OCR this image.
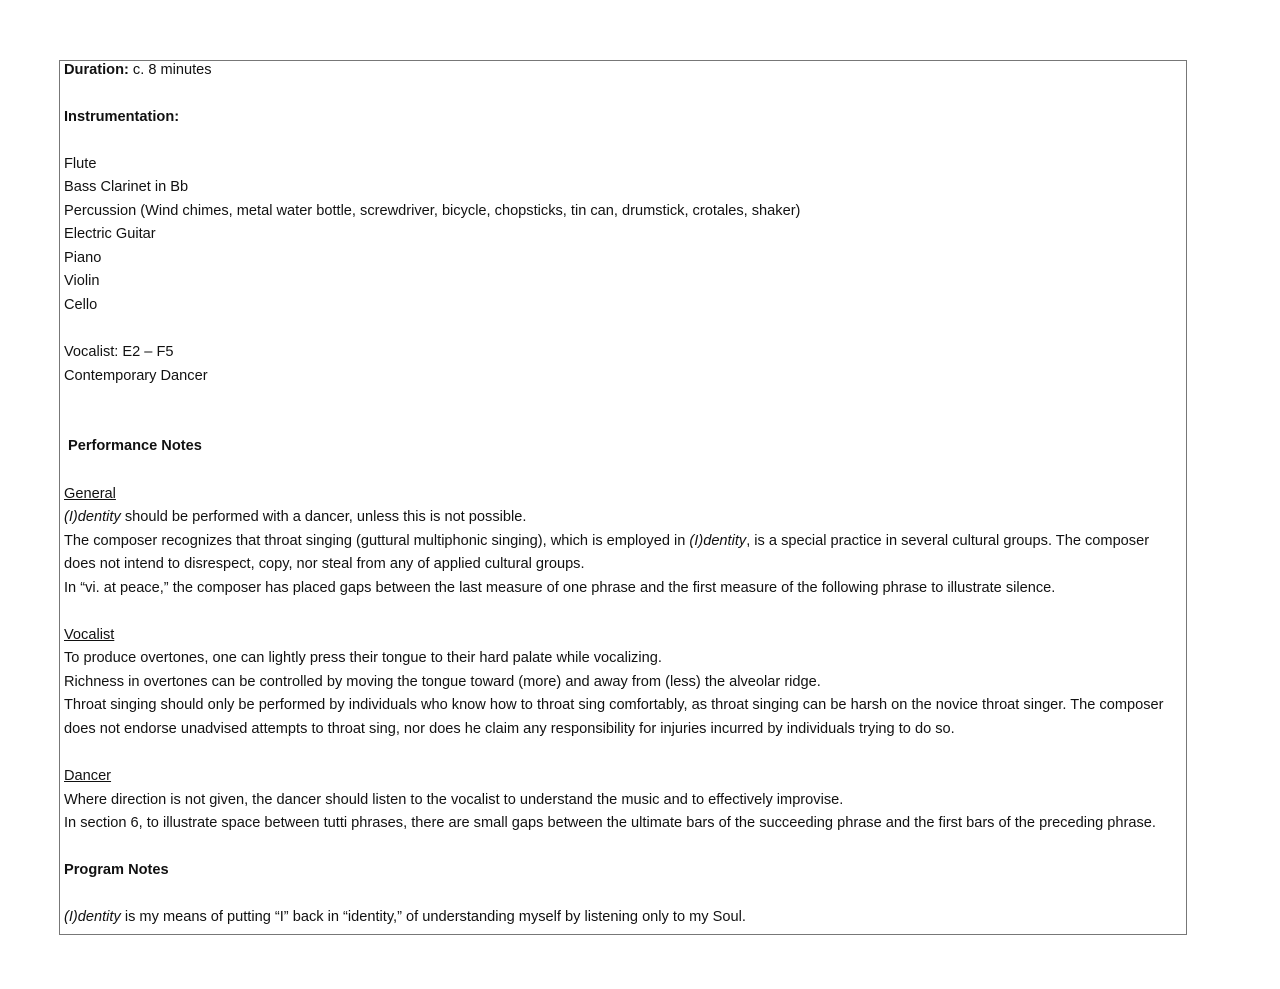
Duration: c. 8 minutes
Instrumentation:
Flute
Bass Clarinet in Bb
Percussion (Wind chimes, metal water bottle, screwdriver, bicycle, chopsticks, tin can, drumstick, crotales, shaker)
Electric Guitar
Piano
Violin
Cello
Vocalist: E2 – F5
Contemporary Dancer
Performance Notes
General
(I)dentity should be performed with a dancer, unless this is not possible.
The composer recognizes that throat singing (guttural multiphonic singing), which is employed in (I)dentity, is a special practice in several cultural groups. The composer
does not intend to disrespect, copy, nor steal from any of applied cultural groups.
In “vi. at peace,” the composer has placed gaps between the last measure of one phrase and the first measure of the following phrase to illustrate silence.
Vocalist
To produce overtones, one can lightly press their tongue to their hard palate while vocalizing.
Richness in overtones can be controlled by moving the tongue toward (more) and away from (less) the alveolar ridge.
Throat singing should only be performed by individuals who know how to throat sing comfortably, as throat singing can be harsh on the novice throat singer. The composer
does not endorse unadvised attempts to throat sing, nor does he claim any responsibility for injuries incurred by individuals trying to do so.
Dancer
Where direction is not given, the dancer should listen to the vocalist to understand the music and to effectively improvise.
In section 6, to illustrate space between tutti phrases, there are small gaps between the ultimate bars of the succeeding phrase and the first bars of the preceding phrase.
Program Notes
(I)dentity is my means of putting “I” back in “identity,” of understanding myself by listening only to my Soul.
